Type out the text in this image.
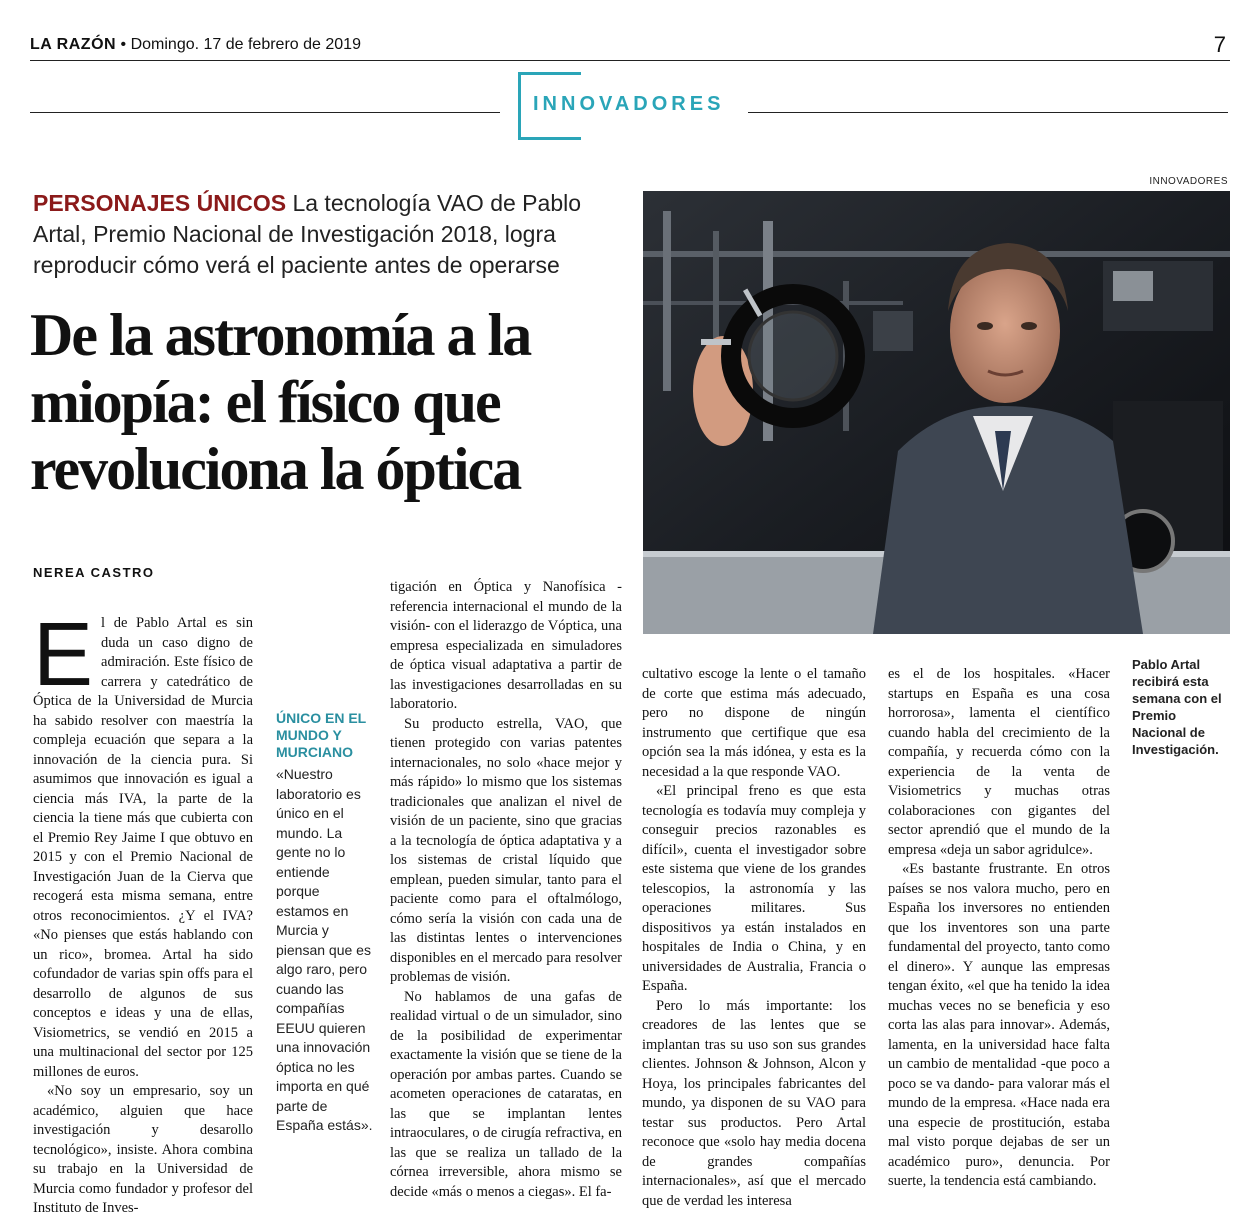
LA RAZÓN • Domingo. 17 de febrero de 2019	7
INNOVADORES
PERSONAJES ÚNICOS La tecnología VAO de Pablo Artal, Premio Nacional de Investigación 2018, logra reproducir cómo verá el paciente antes de operarse
De la astronomía a la
miopía: el físico que
revoluciona la óptica
NEREA CASTRO
E l de Pablo Artal es sin duda un caso digno de admiración. Este físico de carrera y catedrático de Óptica de la Universidad de Murcia ha sabido resolver con maestría la compleja ecuación que separa a la innovación de la ciencia pura. Si asumimos que innovación es igual a ciencia más IVA, la parte de la ciencia la tiene más que cubierta con el Premio Rey Jaime I que obtuvo en 2015 y con el Premio Nacional de Investigación Juan de la Cierva que recogerá esta misma semana, entre otros reconocimientos. ¿Y el IVA? «No pienses que estás hablando con un rico», bromea. Artal ha sido cofundador de varias spin offs para el desarrollo de algunos de sus conceptos e ideas y una de ellas, Visiometrics, se vendió en 2015 a una multinacional del sector por 125 millones de euros.

«No soy un empresario, soy un académico, alguien que hace investigación y desarollo tecnológico», insiste. Ahora combina su trabajo en la Universidad de Murcia como fundador y profesor del Instituto de Inves-

ÚNICO EN EL MUNDO Y MURCIANO
«Nuestro laboratorio es único en el mundo. La gente no lo entiende porque estamos en Murcia y piensan que es algo raro, pero cuando las compañías EEUU quieren una innovación óptica no les importa en qué parte de España estás».

tigación en Óptica y Nanofísica -referencia internacional el mundo de la visión- con el liderazgo de Vóptica, una empresa especializada en simuladores de óptica visual adaptativa a partir de las investigaciones desarrolladas en su laboratorio.

Su producto estrella, VAO, que tienen protegido con varias patentes internacionales, no solo «hace mejor y más rápido» lo mismo que los sistemas tradicionales que analizan el nivel de visión de un paciente, sino que gracias a la tecnología de óptica adaptativa y a los sistemas de cristal líquido que emplean, pueden simular, tanto para el paciente como para el oftalmólogo, cómo sería la visión con cada una de las distintas lentes o intervenciones disponibles en el mercado para resolver problemas de visión.

No hablamos de una gafas de realidad virtual o de un simulador, sino de la posibilidad de experimentar exactamente la visión que se tiene de la operación por ambas partes. Cuando se acometen operaciones de cataratas, en las que se implantan lentes intraoculares, o de cirugía refractiva, en las que se realiza un tallado de la córnea irreversible, ahora mismo se decide «más o menos a ciegas». El fa-

cultativo escoge la lente o el tamaño de corte que estima más adecuado, pero no dispone de ningún instrumento que certifique que esa opción sea la más idónea, y esta es la necesidad a la que responde VAO.

«El principal freno es que esta tecnología es todavía muy compleja y conseguir precios razonables es difícil», cuenta el investigador sobre este sistema que viene de los grandes telescopios, la astronomía y las operaciones militares. Sus dispositivos ya están instalados en hospitales de India o China, y en universidades de Australia, Francia o España.

Pero lo más importante: los creadores de las lentes que se implantan tras su uso son sus grandes clientes. Johnson & Johnson, Alcon y Hoya, los principales fabricantes del mundo, ya disponen de su VAO para testar sus productos. Pero Artal reconoce que «solo hay media docena de grandes compañías internacionales», así que el mercado que de verdad les interesa

es el de los hospitales. «Hacer startups en España es una cosa horrorosa», lamenta el científico cuando habla del crecimiento de la compañía, y recuerda cómo con la experiencia de la venta de Visiometrics y muchas otras colaboraciones con gigantes del sector aprendió que el mundo de la empresa «deja un sabor agridulce».

«Es bastante frustrante. En otros países se nos valora mucho, pero en España los inversores no entienden que los inventores son una parte fundamental del proyecto, tanto como el dinero». Y aunque las empresas tengan éxito, «el que ha tenido la idea muchas veces no se beneficia y eso corta las alas para innovar». Además, lamenta, en la universidad hace falta un cambio de mentalidad -que poco a poco se va dando- para valorar más el mundo de la empresa. «Hace nada era una especie de prostitución, estaba mal visto porque dejabas de ser un académico puro», denuncia. Por suerte, la tendencia está cambiando.

INNOVADORES
Pablo Artal recibirá esta semana con el Premio Nacional de Investigación.
